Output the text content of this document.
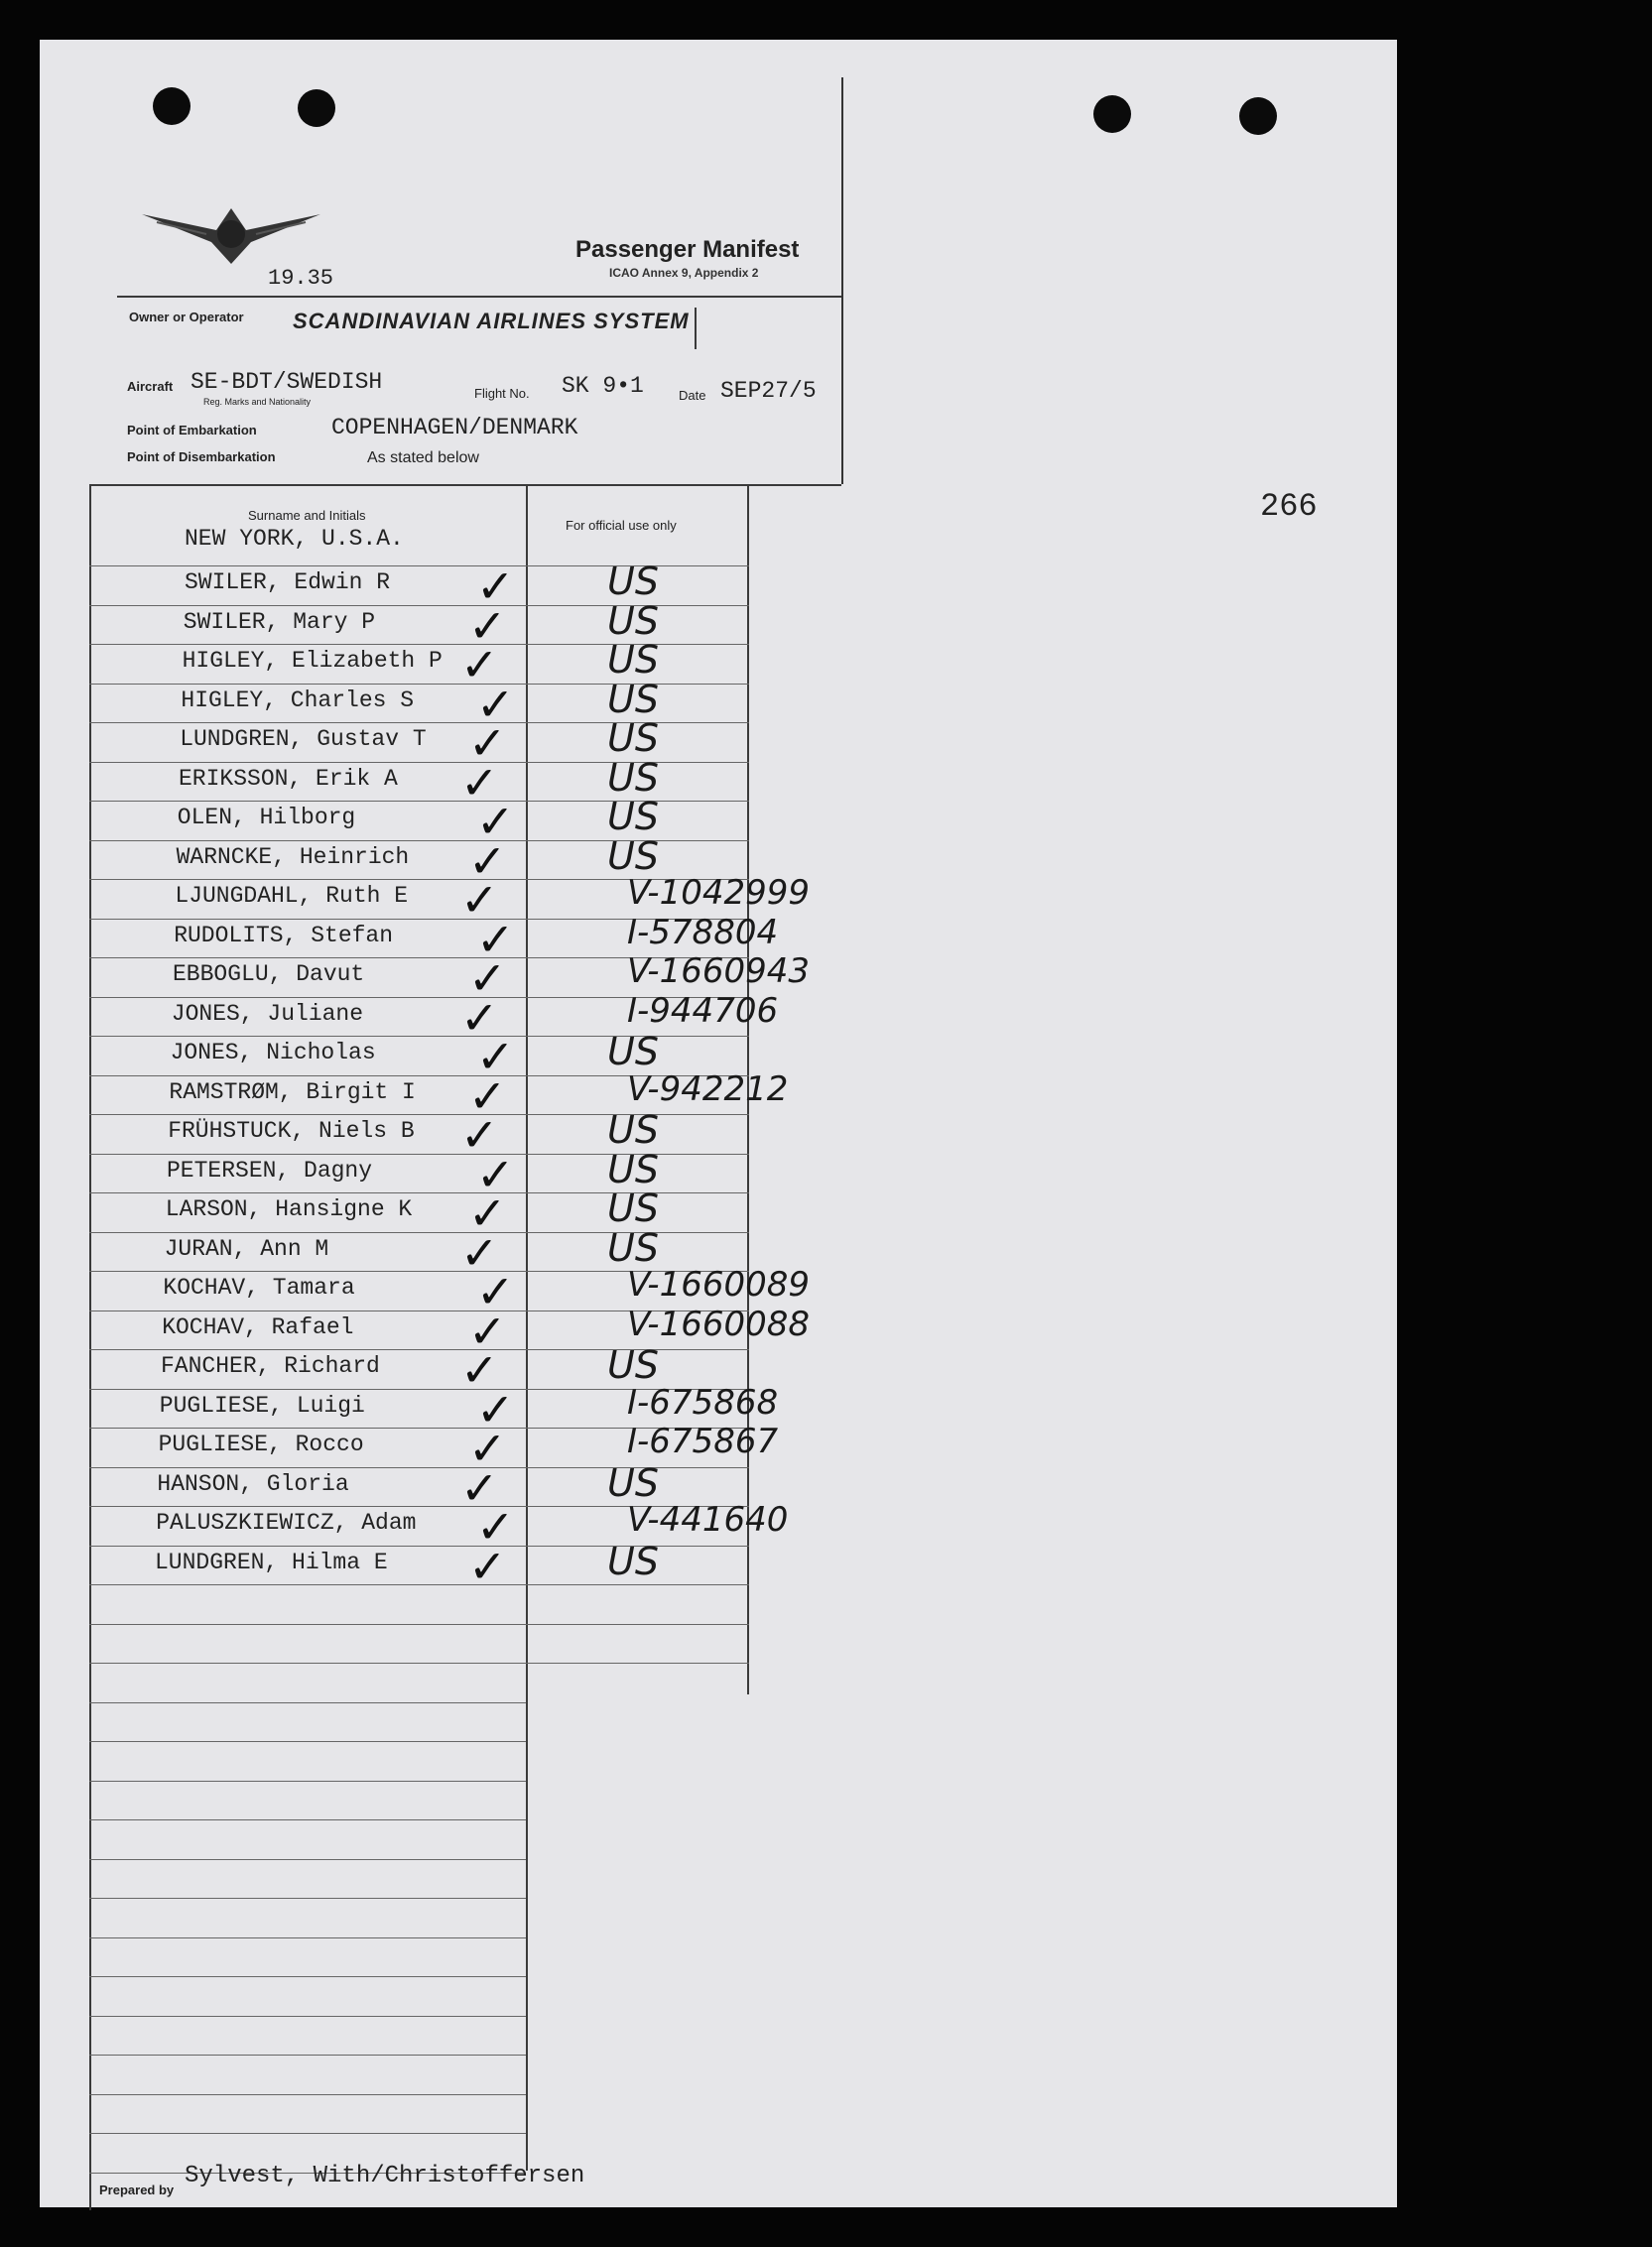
19.35
Passenger Manifest
ICAO Annex 9, Appendix 2
Owner or Operator SCANDINAVIAN AIRLINES SYSTEM
Aircraft SE-BDT/SWEDISH
Reg. Marks and Nationality
Flight No. SK 9•1	Date SEP27/5
Point of Embarkation	COPENHAGEN/DENMARK
Point of Disembarkation	As stated below
266
Surname and Initials
For official use only
NEW YORK, U.S.A.
SWILER, Edwin R ✓ US
SWILER, Mary P ✓	US
HIGLEY, Elizabeth P ✓	US
HIGLEY, Charles S ✓ US
LUNDGREN, Gustav T ✓	US
ERIKSSON, Erik A ✓	US
OLEN, Hilborg	✓ US
WARNCKE, Heinrich ✓	US
LJUNGDAHL, Ruth E ✓	V-1042999
RUDOLITS, Stefan ✓	I-578804
EBBOGLU, Davut ✓	V-1660943
JONES, Juliane ✓	I-944706
JONES, Nicholas ✓ US
RAMSTRØM, Birgit I ✓	V-942212
FRÜHSTUCK, Niels B ✓	US
PETERSEN, Dagny ✓ US
LARSON, Hansigne K ✓	US
JURAN, Ann M	✓	US
KOCHAV, Tamara	✓	V-1660089
KOCHAV, Rafael	✓	V-1660088
FANCHER, Richard ✓	US
PUGLIESE, Luigi ✓	I-675868
PUGLIESE, Rocco ✓	I-675867
HANSON, Gloria ✓	US
PALUSZKIEWICZ, Adam ✓	V-441640
LUNDGREN, Hilma E ✓	US
Prepared by
Sylvest, With/Christoffersen
